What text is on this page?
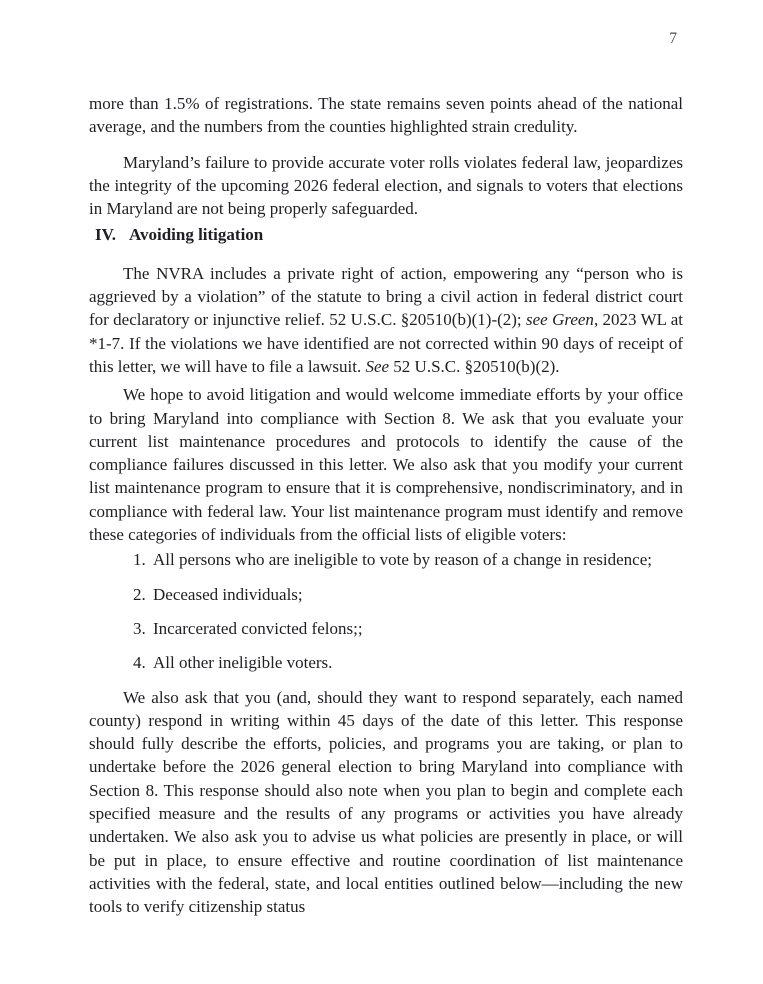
7

more than 1.5% of registrations. The state remains seven points ahead of the national average, and the numbers from the counties highlighted strain credulity.

Maryland’s failure to provide accurate voter rolls violates federal law, jeopardizes the integrity of the upcoming 2026 federal election, and signals to voters that elections in Maryland are not being properly safeguarded.

IV. Avoiding litigation

The NVRA includes a private right of action, empowering any “person who is aggrieved by a violation” of the statute to bring a civil action in federal district court for declaratory or injunctive relief. 52 U.S.C. §20510(b)(1)-(2); see Green, 2023 WL at *1-7. If the violations we have identified are not corrected within 90 days of receipt of this letter, we will have to file a lawsuit. See 52 U.S.C. §20510(b)(2).

We hope to avoid litigation and would welcome immediate efforts by your office to bring Maryland into compliance with Section 8. We ask that you evaluate your current list maintenance procedures and protocols to identify the cause of the compliance failures discussed in this letter. We also ask that you modify your current list maintenance program to ensure that it is comprehensive, nondiscriminatory, and in compliance with federal law. Your list maintenance program must identify and remove these categories of individuals from the official lists of eligible voters:

1. All persons who are ineligible to vote by reason of a change in residence;
2. Deceased individuals;
3. Incarcerated convicted felons;;
4. All other ineligible voters.

We also ask that you (and, should they want to respond separately, each named county) respond in writing within 45 days of the date of this letter. This response should fully describe the efforts, policies, and programs you are taking, or plan to undertake before the 2026 general election to bring Maryland into compliance with Section 8. This response should also note when you plan to begin and complete each specified measure and the results of any programs or activities you have already undertaken. We also ask you to advise us what policies are presently in place, or will be put in place, to ensure effective and routine coordination of list maintenance activities with the federal, state, and local entities outlined below—including the new tools to verify citizenship status
